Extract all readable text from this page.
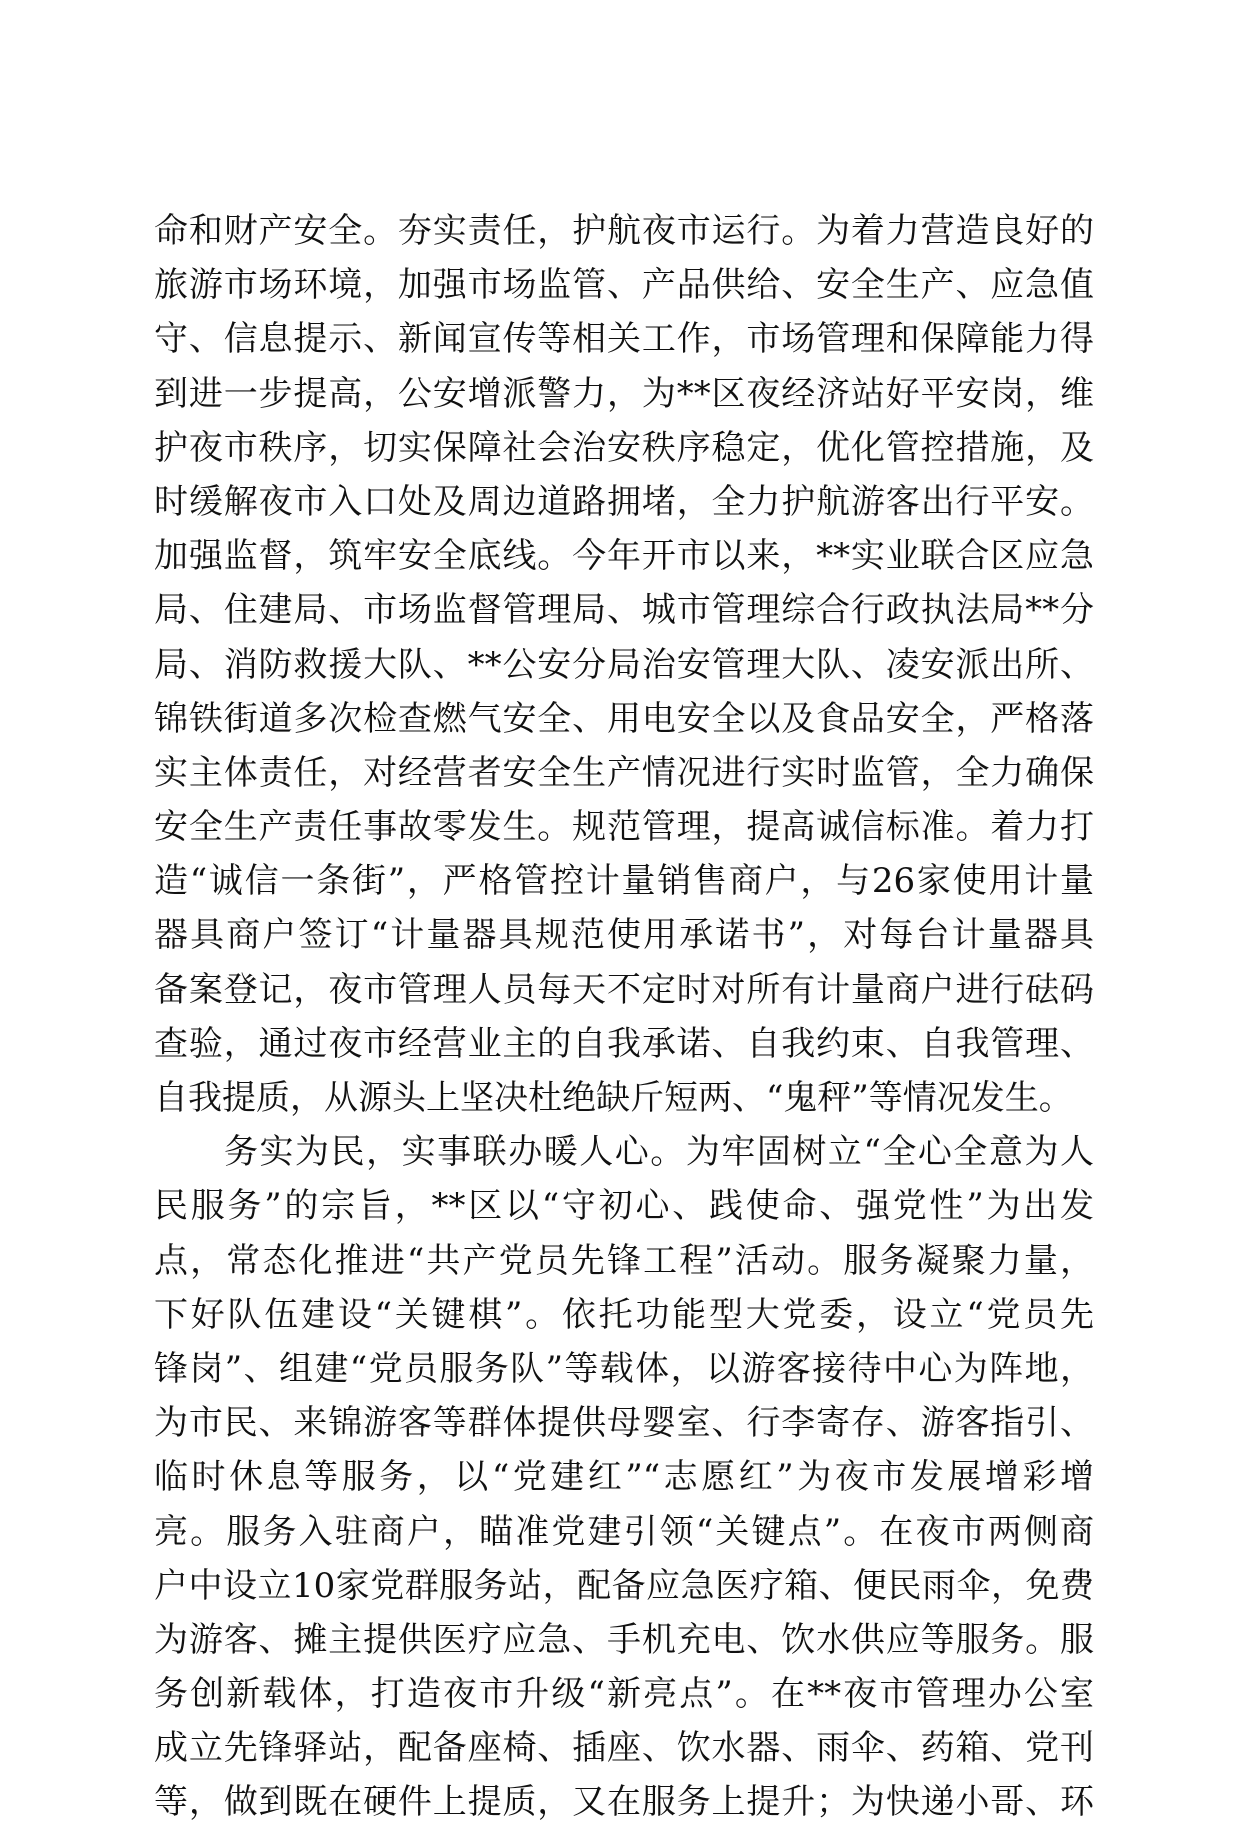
命和财产安全。夯实责任，护航夜市运行。为着力营造良好的
旅游市场环境，加强市场监管、产品供给、安全生产、应急值
守、信息提示、新闻宣传等相关工作，市场管理和保障能力得
到进一步提高，公安增派警力，为**区夜经济站好平安岗，维
护夜市秩序，切实保障社会治安秩序稳定，优化管控措施，及
时缓解夜市入口处及周边道路拥堵，全力护航游客出行平安。
加强监督，筑牢安全底线。今年开市以来，**实业联合区应急
局、住建局、市场监督管理局、城市管理综合行政执法局**分
局、消防救援大队、**公安分局治安管理大队、凌安派出所、
锦铁街道多次检查燃气安全、用电安全以及食品安全，严格落
实主体责任，对经营者安全生产情况进行实时监管，全力确保
安全生产责任事故零发生。规范管理，提高诚信标准。着力打
造“诚信一条街”，严格管控计量销售商户，与26家使用计量
器具商户签订“计量器具规范使用承诺书”，对每台计量器具
备案登记，夜市管理人员每天不定时对所有计量商户进行砝码
查验，通过夜市经营业主的自我承诺、自我约束、自我管理、
自我提质，从源头上坚决杜绝缺斤短两、“鬼秤”等情况发生。
务实为民，实事联办暖人心。为牢固树立“全心全意为人
民服务”的宗旨，**区以“守初心、践使命、强党性”为出发
点，常态化推进“共产党员先锋工程”活动。服务凝聚力量，
下好队伍建设“关键棋”。依托功能型大党委，设立“党员先
锋岗”、组建“党员服务队”等载体，以游客接待中心为阵地，
为市民、来锦游客等群体提供母婴室、行李寄存、游客指引、
临时休息等服务，以“党建红”“志愿红”为夜市发展增彩增
亮。服务入驻商户，瞄准党建引领“关键点”。在夜市两侧商
户中设立10家党群服务站，配备应急医疗箱、便民雨伞，免费
为游客、摊主提供医疗应急、手机充电、饮水供应等服务。服
务创新载体，打造夜市升级“新亮点”。在**夜市管理办公室
成立先锋驿站，配备座椅、插座、饮水器、雨伞、药箱、党刊
等，做到既在硬件上提质，又在服务上提升；为快递小哥、环
